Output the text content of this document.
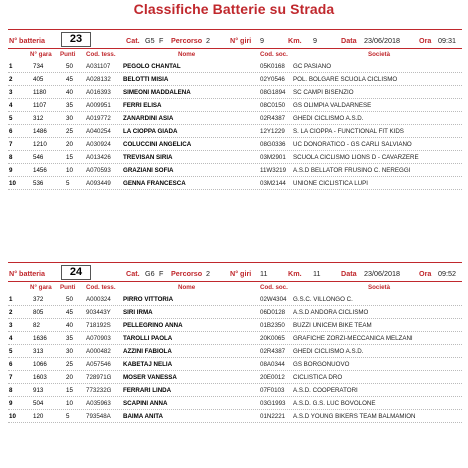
Classifiche Batterie su Strada
N° batteria	23	Cat. G5 F Percorso 2	N° giri 9	Km. 9	Data 23/06/2018	Ora 09:31
N° gara Punti Cod. tess.	Nome	Cod. soc.	Società
1	734	50 A031107 PEGOLO CHANTAL	05K0168 GC PASIANO
2	405	45 A028132 BELOTTI MISIA	02Y0546 POL. BOLGARE SCUOLA CICLISMO
3	1180	40 A016393 SIMEONI MADDALENA	08G1894 SC CAMPI BISENZIO
4	1107	35 A009951 FERRI ELISA	08C0150 GS OLIMPIA VALDARNESE
5	312	30 A019772 ZANARDINI ASIA	02R4387 GHEDI CICLISMO A.S.D.
6	1486	25 A040254 LA CIOPPA GIADA	12Y1229 S. LA CIOPPA - FUNCTIONAL FIT KIDS
7	1210	20 A030924 COLUCCINI ANGELICA	08G0336 UC DONORATICO - GS CARLI SALVIANO
8	546	15 A013426 TREVISAN SIRIA	03M2901 SCUOLA CICLISMO LIONS D - CAVARZERE
9	1456	10 A070593 GRAZIANI SOFIA	11W3219 A.S.D BELLATOR FRUSINO C. NEREGGI
10	536	5	A093449 GENNA FRANCESCA	03M2144 UNIONE CICLISTICA LUPI
N° batteria	24	Cat. G6 F Percorso 2	N° giri 11	Km. 11	Data 23/06/2018	Ora 09:52
N° gara Punti Cod. tess.	Nome	Cod. soc.	Società
1	372	50 A000324 PIRRO VITTORIA	02W4304 G.S.C. VILLONGO C.
2	805	45 903443Y SIRI IRMA	06D0128 A.S.D ANDORA CICLISMO
3	82	40 718192S PELLEGRINO ANNA	01B2350 BUZZI UNICEM BIKE TEAM
4	1636	35 A070903 TAROLLI PAOLA	20K0065 GRAFICHE ZORZI-MECCANICA MELZANI
5	313	30 A000482 AZZINI FABIOLA	02R4387 GHEDI CICLISMO A.S.D.
6	1066	25 A057546 KABETAJ NELIA	08A0344 GS BORGONUOVO
7	1603	20 728971G MOSER VANESSA	20E0012 CICLISTICA DRO
8	913	15 773232G FERRARI LINDA	07F0103 A.S.D. COOPERATORI
9	504	10 A035963 SCAPINI ANNA	03G1993 A.S.D. G.S. LUC BOVOLONE
10	120	5	793548A BAIMA ANITA	01N2221 A.S.D YOUNG BIKERS TEAM BALMAMION
